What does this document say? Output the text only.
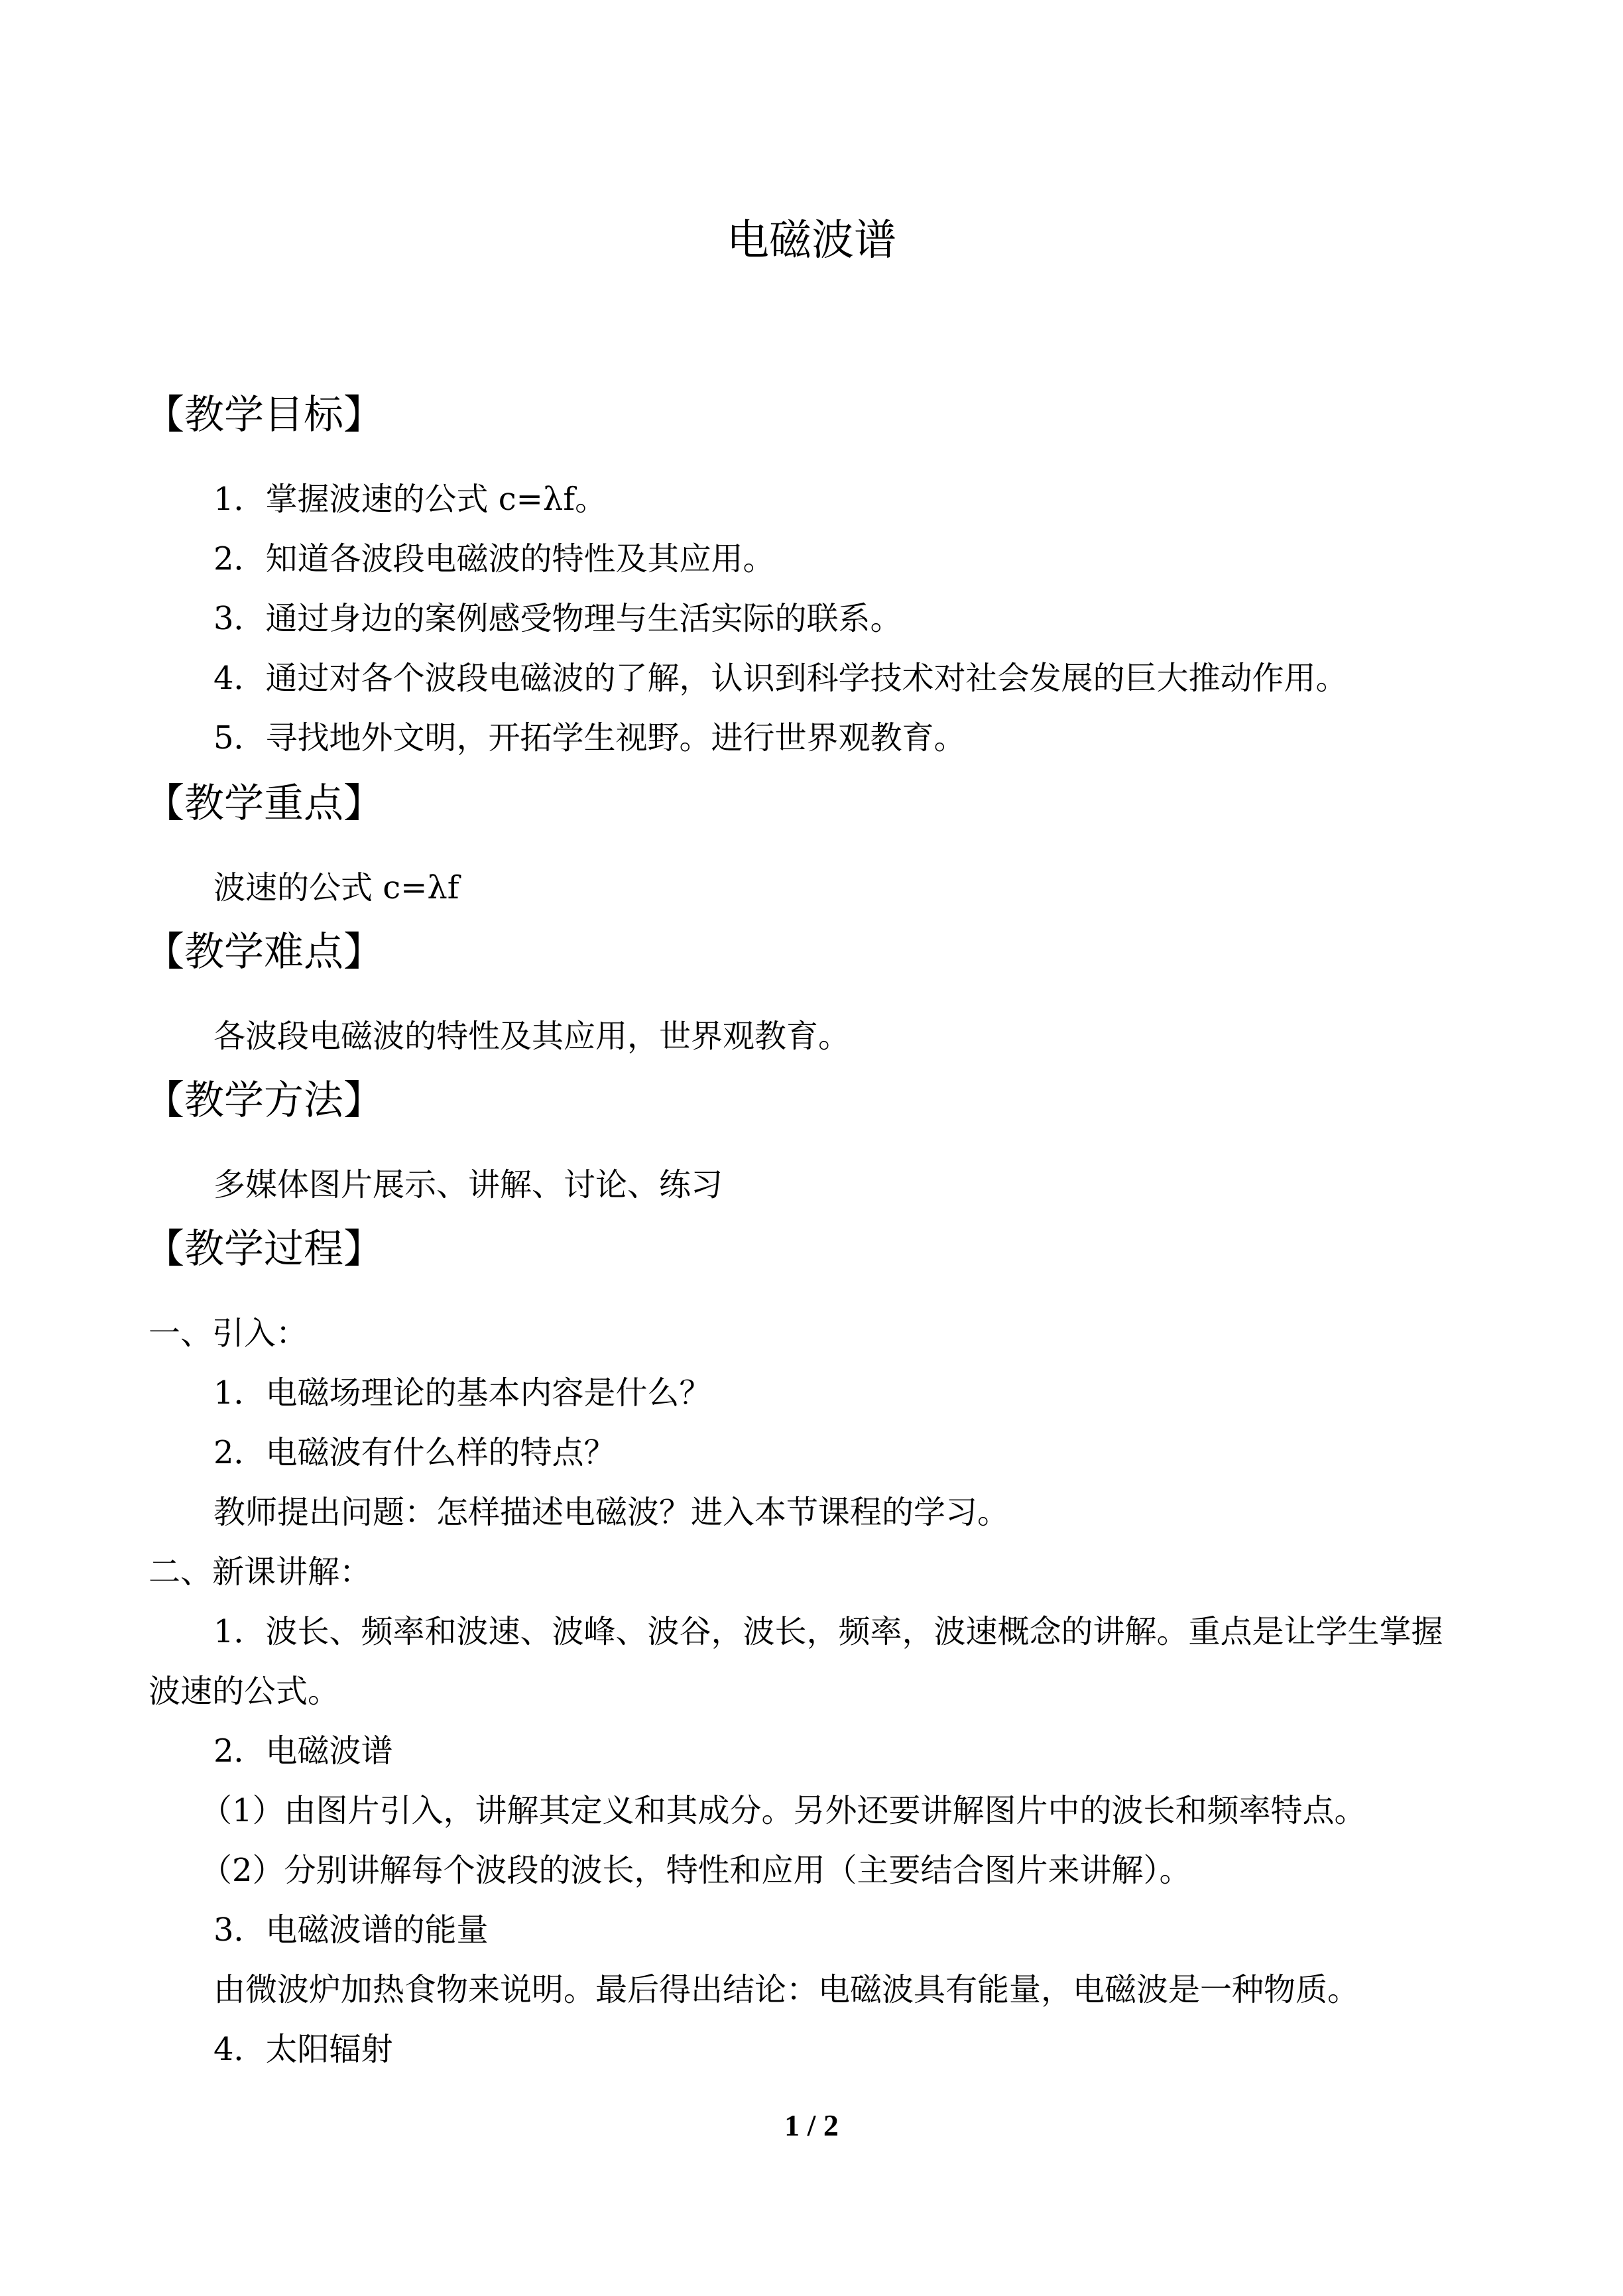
电磁波谱
【教学目标】
1．掌握波速的公式 c=λf。
2．知道各波段电磁波的特性及其应用。
3．通过身边的案例感受物理与生活实际的联系。
4．通过对各个波段电磁波的了解，认识到科学技术对社会发展的巨大推动作用。
5．寻找地外文明，开拓学生视野。进行世界观教育。
【教学重点】
波速的公式 c=λf
【教学难点】
各波段电磁波的特性及其应用，世界观教育。
【教学方法】
多媒体图片展示、讲解、讨论、练习
【教学过程】
一、引入：
1．电磁场理论的基本内容是什么？
2．电磁波有什么样的特点？
教师提出问题：怎样描述电磁波？进入本节课程的学习。
二、新课讲解：
1．波长、频率和波速、波峰、波谷，波长，频率，波速概念的讲解。重点是让学生掌握
波速的公式。
2．电磁波谱
（1）由图片引入，讲解其定义和其成分。另外还要讲解图片中的波长和频率特点。
（2）分别讲解每个波段的波长，特性和应用（主要结合图片来讲解）。
3．电磁波谱的能量
由微波炉加热食物来说明。最后得出结论：电磁波具有能量，电磁波是一种物质。
4．太阳辐射
1 / 2
